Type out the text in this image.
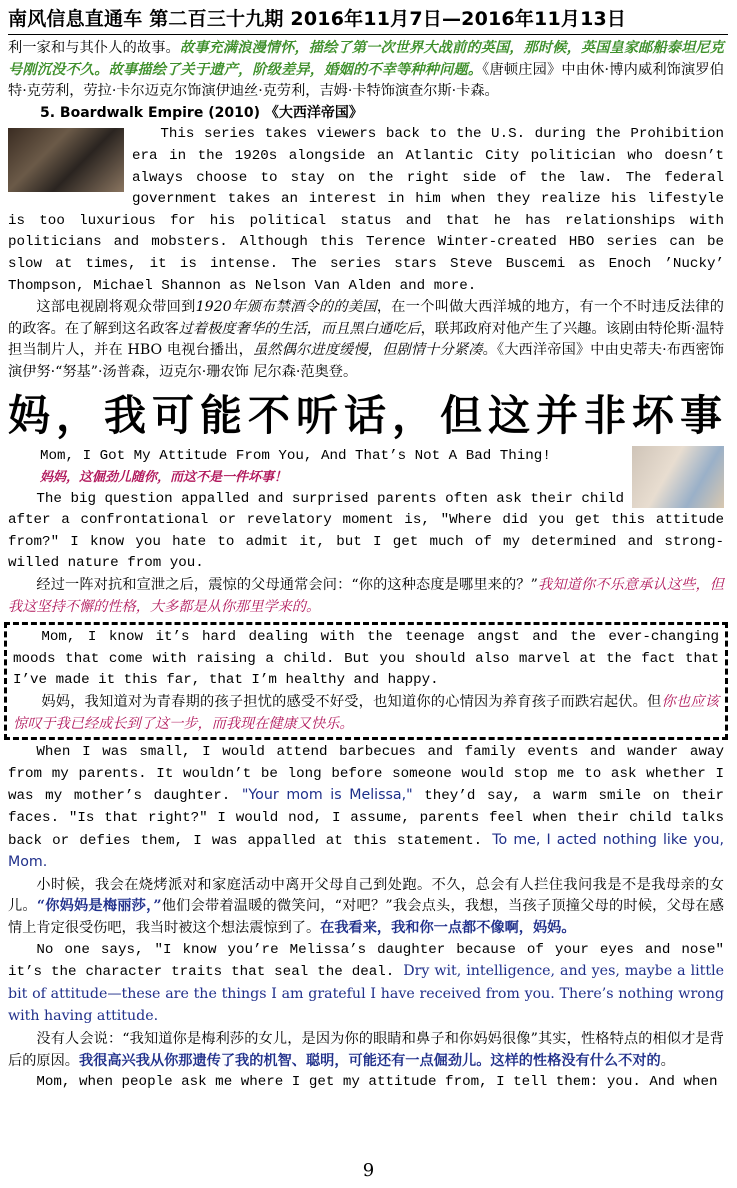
南风信息直通车 第二百三十九期 2016年11月7日—2016年11月13日

利一家和与其仆人的故事。故事充满浪漫情怀，描绘了第一次世界大战前的英国，那时候，英国皇家邮船泰坦尼克号刚沉没不久。故事描绘了关于遗产，阶级差异，婚姻的不幸等种种问题。《唐顿庄园》中由休·博内威利饰演罗伯特·克劳利，劳拉·卡尔迈克尔饰演伊迪丝·克劳利，吉姆·卡特饰演查尔斯·卡森。

5. Boardwalk Empire (2010) 《大西洋帝国》

This series takes viewers back to the U.S. during the Prohibition era in the 1920s alongside an Atlantic City politician who doesn’t always choose to stay on the right side of the law. The federal government takes an interest in him when they realize his lifestyle is too luxurious for his political status and that he has relationships with politicians and mobsters. Although this Terence Winter-created HBO series can be slow at times, it is intense. The series stars Steve Buscemi as Enoch ’Nucky’ Thompson, Michael Shannon as Nelson Van Alden and more.

这部电视剧将观众带回到1920年颁布禁酒令的的美国，在一个叫做大西洋城的地方，有一个不时违反法律的的政客。在了解到这名政客过着极度奢华的生活，而且黑白通吃后，联邦政府对他产生了兴趣。该剧由特伦斯·温特担当制片人，并在 HBO 电视台播出，虽然偶尔进度缓慢，但剧情十分紧凑。《大西洋帝国》中由史蒂夫·布西密饰演伊努·“努基”·汤普森，迈克尔·珊农饰 尼尔森·范奥登。

妈，我可能不听话，但这并非坏事

Mom, I Got My Attitude From You, And That’s Not A Bad Thing!

妈妈，这倔劲儿随你，而这不是一件坏事！

The big question appalled and surprised parents often ask their child after a confrontational or revelatory moment is, "Where did you get this attitude from?" I know you hate to admit it, but I get much of my determined and strong-willed nature from you.

经过一阵对抗和宣泄之后，震惊的父母通常会问：“你的这种态度是哪里来的？”我知道你不乐意承认这些，但我这坚持不懈的性格，大多都是从你那里学来的。

Mom, I know it’s hard dealing with the teenage angst and the ever-changing moods that come with raising a child. But you should also marvel at the fact that I’ve made it this far, that I’m healthy and happy.

妈妈，我知道对为青春期的孩子担忧的感受不好受，也知道你的心情因为养育孩子而跌宕起伏。但你也应该惊叹于我已经成长到了这一步，而我现在健康又快乐。

When I was small, I would attend barbecues and family events and wander away from my parents. It wouldn’t be long before someone would stop me to ask whether I was my mother’s daughter. "Your mom is Melissa," they’d say, a warm smile on their faces. "Is that right?" I would nod, I assume, parents feel when their child talks back or defies them, I was appalled at this statement. To me, I acted nothing like you, Mom.

小时候，我会在烧烤派对和家庭活动中离开父母自己到处跑。不久，总会有人拦住我问我是不是我母亲的女儿。“你妈妈是梅丽莎，”他们会带着温暖的微笑问，“对吧？”我会点头，我想，当孩子顶撞父母的时候，父母在感情上肯定很受伤吧，我当时被这个想法震惊到了。在我看来，我和你一点都不像啊，妈妈。

No one says, "I know you’re Melissa’s daughter because of your eyes and nose" it’s the character traits that seal the deal. Dry wit, intelligence, and yes, maybe a little bit of attitude—these are the things I am grateful I have received from you. There’s nothing wrong with having attitude.

没有人会说：“我知道你是梅利莎的女儿，是因为你的眼睛和鼻子和你妈妈很像”其实，性格特点的相似才是背后的原因。我很高兴我从你那遗传了我的机智、聪明，可能还有一点倔劲儿。这样的性格没有什么不对的。

Mom, when people ask me where I get my attitude from, I tell them: you. And when

9
